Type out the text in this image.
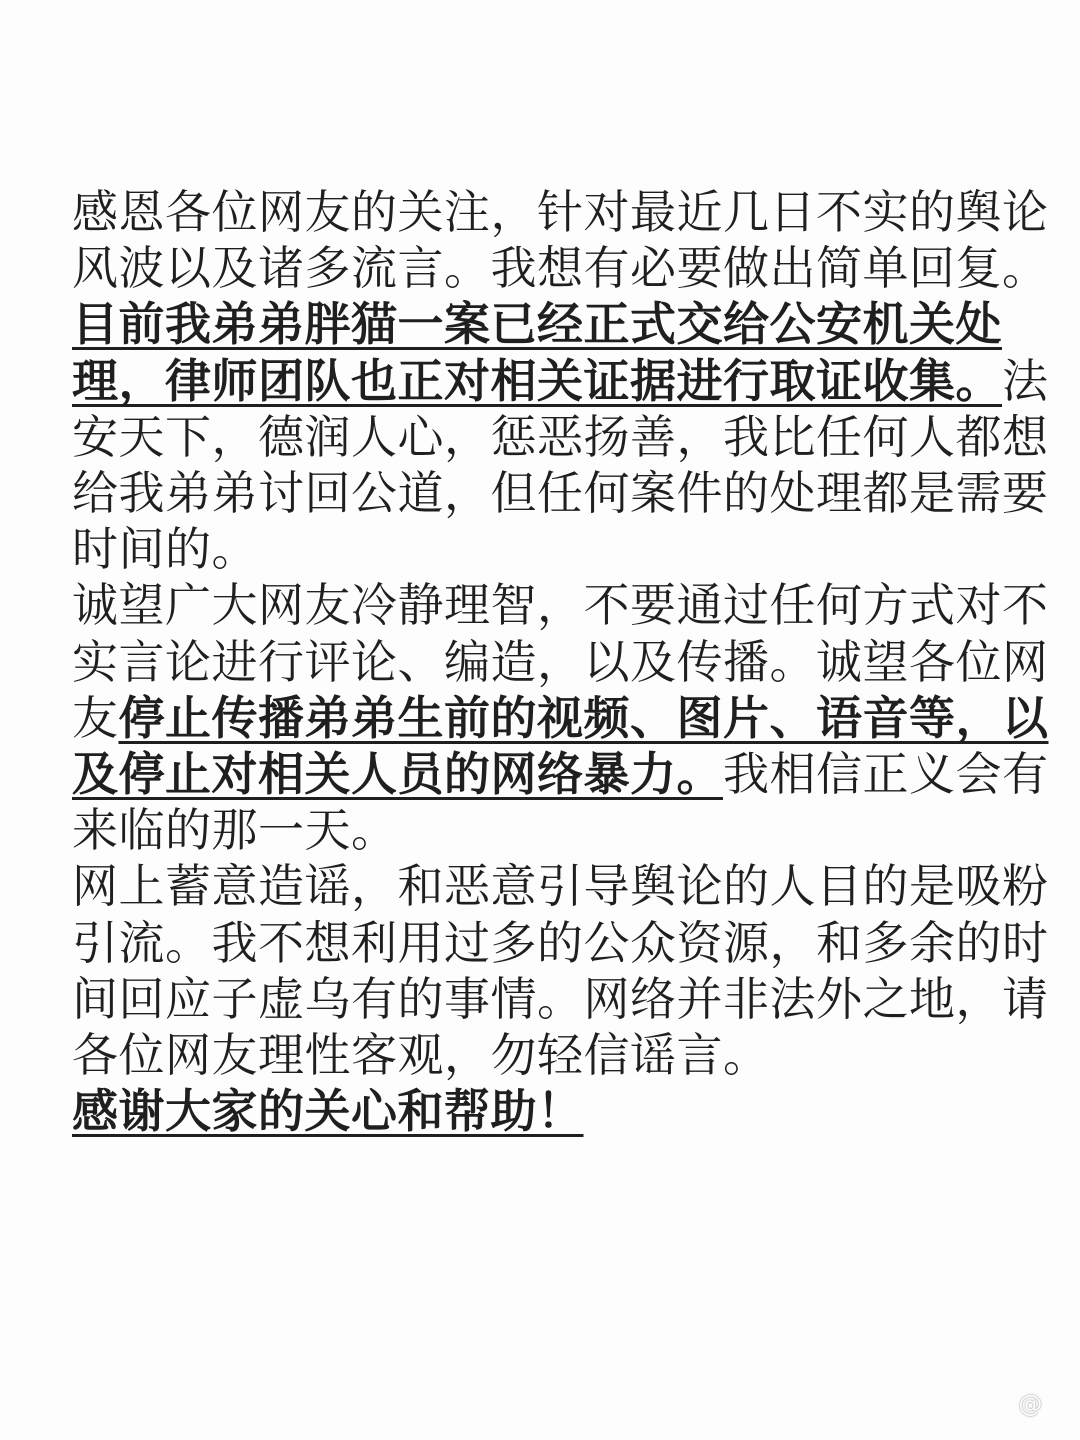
感恩各位网友的关注，针对最近几日不实的舆论
风波以及诸多流言。我想有必要做出简单回复。
目前我弟弟胖猫一案已经正式交给公安机关处
理，律师团队也正对相关证据进行取证收集。法
安天下，德润人心，惩恶扬善，我比任何人都想
给我弟弟讨回公道，但任何案件的处理都是需要
时间的。

诚望广大网友冷静理智，不要通过任何方式对不
实言论进行评论、编造，以及传播。诚望各位网
友停止传播弟弟生前的视频、图片、语音等，以
及停止对相关人员的网络暴力。我相信正义会有
来临的那一天。

网上蓄意造谣，和恶意引导舆论的人目的是吸粉
引流。我不想利用过多的公众资源，和多余的时
间回应子虚乌有的事情。网络并非法外之地，请
各位网友理性客观，勿轻信谣言。

感谢大家的关心和帮助！

@  
